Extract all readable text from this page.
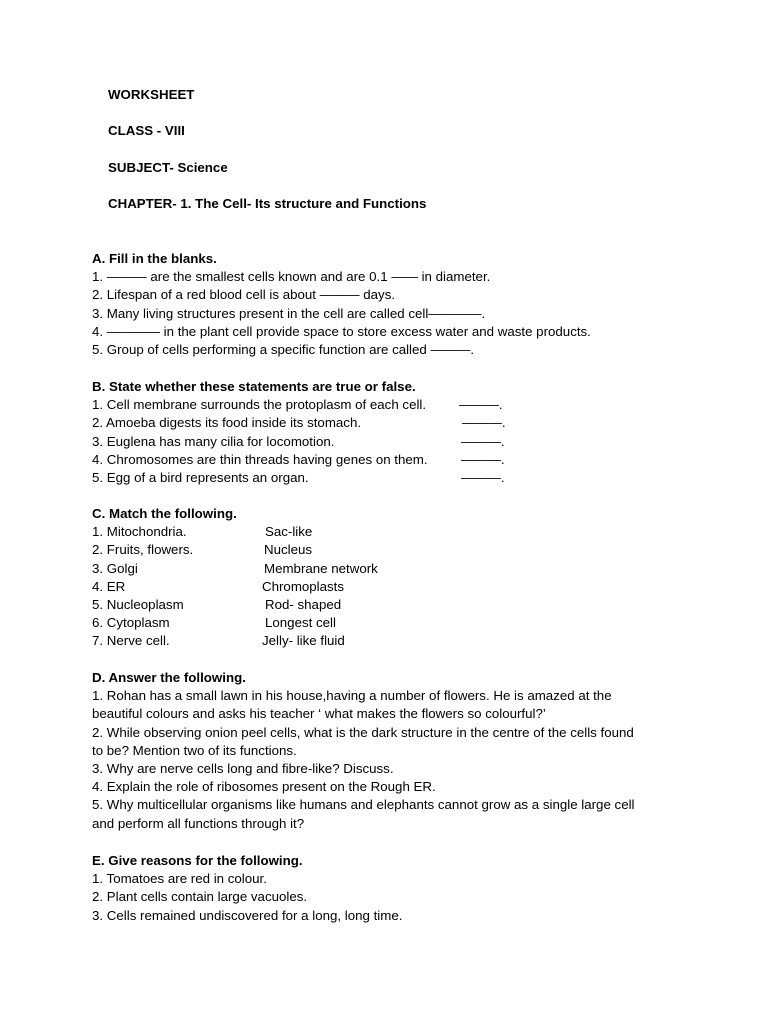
WORKSHEET
CLASS - VIII
SUBJECT- Science
CHAPTER- 1. The Cell- Its structure and Functions
A. Fill in the blanks.
1. ——— are the smallest cells known and are 0.1 —— in diameter.
2. Lifespan of a red blood cell is about ——— days.
3. Many living structures present in the cell are called cell————.
4. ———— in the plant cell provide space to store excess water and waste products.
5. Group of cells performing a specific function are called ———.
B. State whether these statements are true or false.
1. Cell membrane surrounds the protoplasm of each cell. ———.
2. Amoeba digests its food inside its stomach.	———.
3. Euglena has many cilia for locomotion.	———.
4. Chromosomes are thin threads having genes on them.	———.
5. Egg of a bird represents an organ.	———.
C. Match the following.
1. Mitochondria.	Sac-like
2. Fruits, flowers.	Nucleus
3. Golgi	Membrane network
4. ER	Chromoplasts
5. Nucleoplasm	Rod- shaped
6. Cytoplasm	Longest cell
7. Nerve cell.	Jelly- like fluid
D. Answer the following.
1. Rohan has a small lawn in his house,having a number of flowers. He is amazed at the
beautiful colours and asks his teacher ‘ what makes the flowers so colourful?’
2. While observing onion peel cells, what is the dark structure in the centre of the cells found
to be? Mention two of its functions.
3. Why are nerve cells long and fibre-like? Discuss.
4. Explain the role of ribosomes present on the Rough ER.
5. Why multicellular organisms like humans and elephants cannot grow as a single large cell
and perform all functions through it?
E. Give reasons for the following.
1. Tomatoes are red in colour.
2. Plant cells contain large vacuoles.
3. Cells remained undiscovered for a long, long time.
